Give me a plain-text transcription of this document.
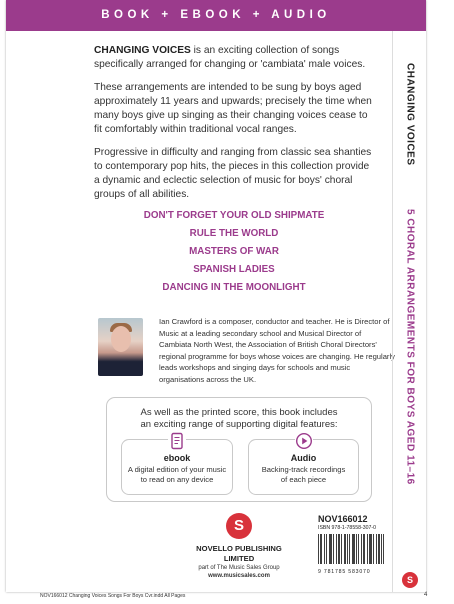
BOOK + EBOOK + AUDIO

CHANGING VOICES is an exciting collection of songs specifically arranged for changing or 'cambiata' male voices.

These arrangements are intended to be sung by boys aged approximately 11 years and upwards; precisely the time when many boys give up singing as their changing voices cease to fit comfortably within traditional vocal ranges.

Progressive in difficulty and ranging from classic sea shanties to contemporary pop hits, the pieces in this collection provide a dynamic and eclectic selection of music for boys' choral groups of all abilities.

DON'T FORGET YOUR OLD SHIPMATE
RULE THE WORLD
MASTERS OF WAR
SPANISH LADIES
DANCING IN THE MOONLIGHT
Ian Crawford is a composer, conductor and teacher. He is Director of Music at a leading secondary school and Musical Director of Cambiata North West, the Association of British Choral Directors' regional programme for boys whose voices are changing. He regularly leads workshops and singing days for schools and music organisations across the UK.
As well as the printed score, this book includes
an exciting range of supporting digital features:
ebook
A digital edition of your music
to read on any device
Audio
Backing-track recordings
of each piece
S
NOVELLO PUBLISHING LIMITED
part of The Music Sales Group
www.musicsales.com
NOV166012
ISBN 978-1-78558-307-0
9 781785 583070
CHANGING VOICES
5 CHORAL ARRANGEMENTS FOR BOYS AGED 11–16
S
NOV166012 Changing Voices Songs For Boys Cvr.indd All Pages	4
